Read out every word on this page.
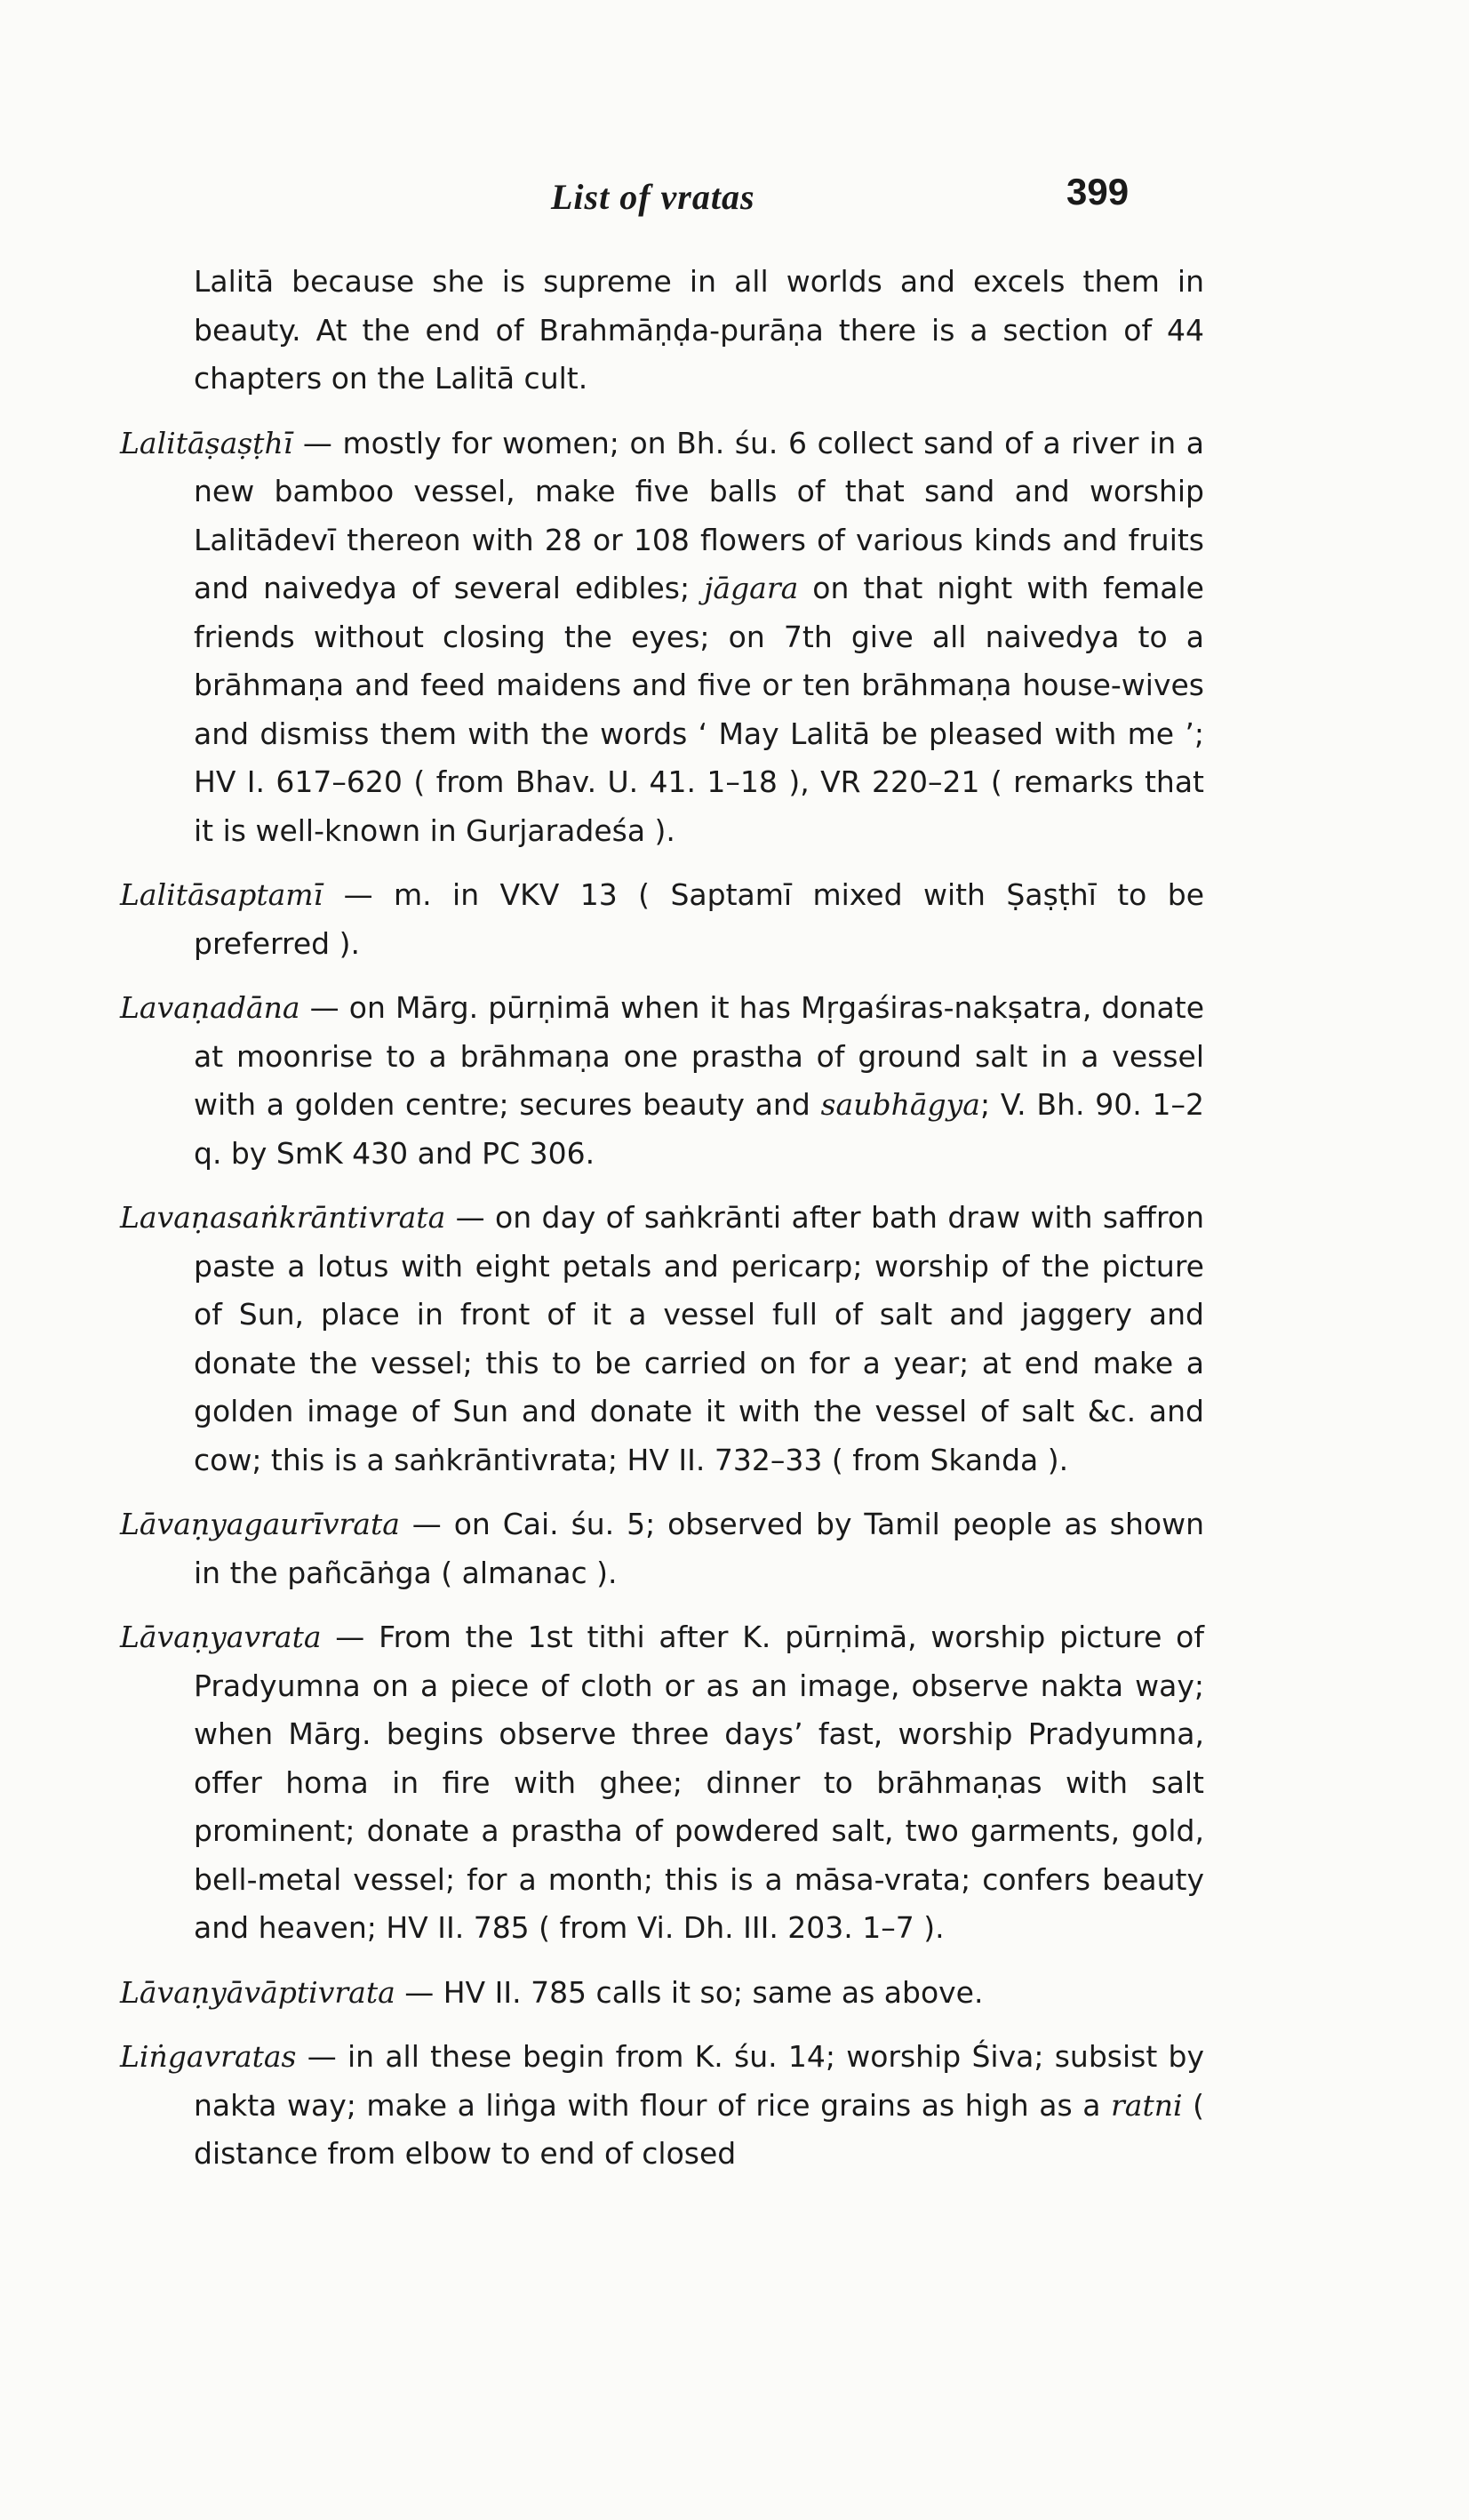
List of vratas	399

Lalitā because she is supreme in all worlds and excels them in beauty. At the end of Brahmāṇḍa-purāṇa there is a section of 44 chapters on the Lalitā cult.

Lalitāṣaṣṭhī — mostly for women; on Bh. śu. 6 collect sand of a river in a new bamboo vessel, make five balls of that sand and worship Lalitādevī thereon with 28 or 108 flowers of various kinds and fruits and naivedya of several edibles; jāgara on that night with female friends without closing the eyes; on 7th give all naivedya to a brāhmaṇa and feed maidens and five or ten brāhmaṇa house-wives and dismiss them with the words ‘ May Lalitā be pleased with me ’; HV I. 617–620 ( from Bhav. U. 41. 1–18 ), VR 220–21 ( remarks that it is well-known in Gurjaradeśa ).

Lalitāsaptamī — m. in VKV 13 ( Saptamī mixed with Ṣaṣṭhī to be preferred ).

Lavaṇadāna — on Mārg. pūrṇimā when it has Mṛgaśiras-nakṣatra, donate at moonrise to a brāhmaṇa one prastha of ground salt in a vessel with a golden centre; secures beauty and saubhāgya; V. Bh. 90. 1–2 q. by SmK 430 and PC 306.

Lavaṇasaṅkrāntivrata — on day of saṅkrānti after bath draw with saffron paste a lotus with eight petals and pericarp; worship of the picture of Sun, place in front of it a vessel full of salt and jaggery and donate the vessel; this to be carried on for a year; at end make a golden image of Sun and donate it with the vessel of salt &c. and cow; this is a saṅkrāntivrata; HV II. 732–33 ( from Skanda ).

Lāvaṇyagaurīvrata — on Cai. śu. 5; observed by Tamil people as shown in the pañcāṅga ( almanac ).

Lāvaṇyavrata — From the 1st tithi after K. pūrṇimā, worship picture of Pradyumna on a piece of cloth or as an image, observe nakta way; when Mārg. begins observe three days’ fast, worship Pradyumna, offer homa in fire with ghee; dinner to brāhmaṇas with salt prominent; donate a prastha of powdered salt, two garments, gold, bell-metal vessel; for a month; this is a māsa-vrata; confers beauty and heaven; HV II. 785 ( from Vi. Dh. III. 203. 1–7 ).

Lāvaṇyāvāptivrata — HV II. 785 calls it so; same as above.

Liṅgavratas — in all these begin from K. śu. 14; worship Śiva; subsist by nakta way; make a liṅga with flour of rice grains as high as a ratni ( distance from elbow to end of closed
